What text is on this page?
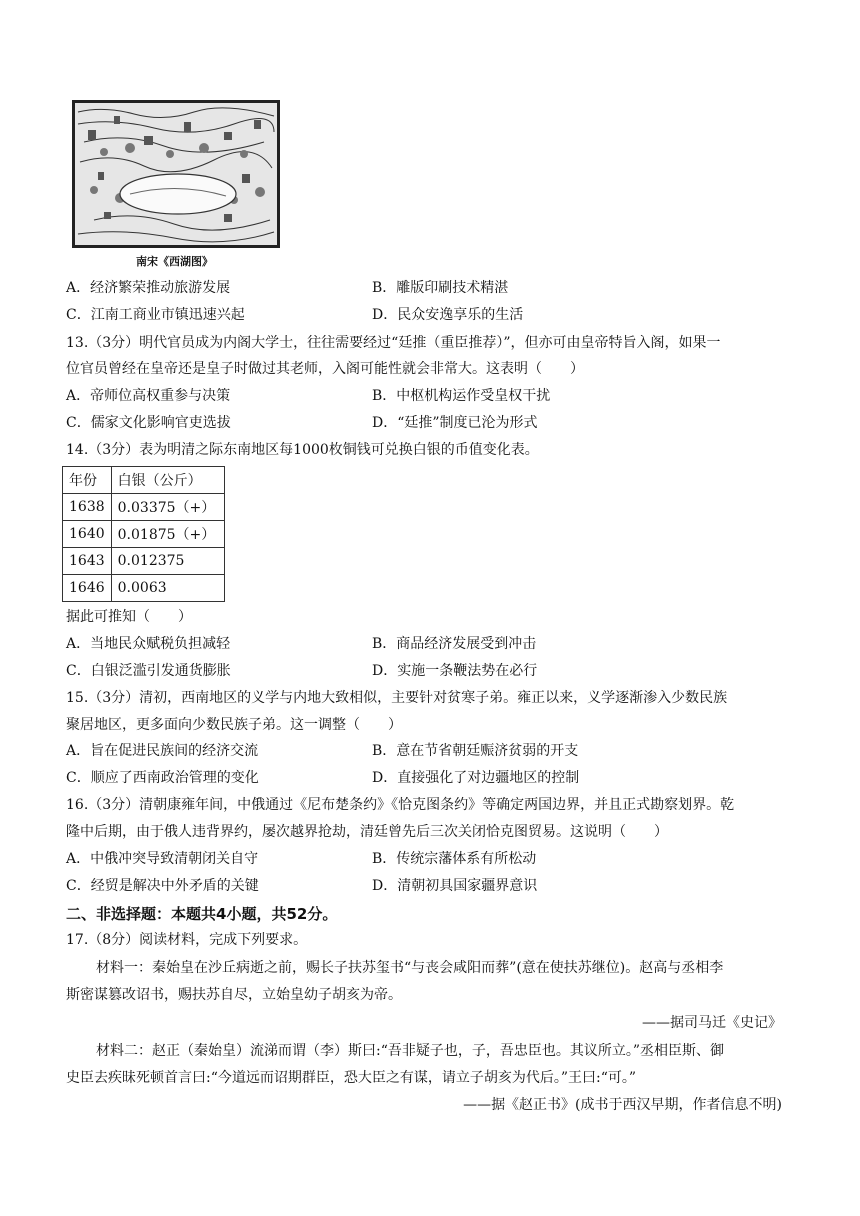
南宋《西湖图》
A．经济繁荣推动旅游发展	B．雕版印刷技术精湛
C．江南工商业市镇迅速兴起	D．民众安逸享乐的生活
13.（3分）明代官员成为内阁大学士，往往需要经过“廷推（重臣推荐）”，但亦可由皇帝特旨入阁，如果一
位官员曾经在皇帝还是皇子时做过其老师，入阁可能性就会非常大。这表明（　　）
A．帝师位高权重参与决策	B．中枢机构运作受皇权干扰
C．儒家文化影响官吏选拔	D．“廷推”制度已沦为形式
14.（3分）表为明清之际东南地区每1000枚铜钱可兑换白银的币值变化表。
年份	白银（公斤）
1638	0.03375（+）
1640	0.01875（+）
1643	0.012375
1646	0.0063
据此可推知（　　）
A．当地民众赋税负担减轻	B．商品经济发展受到冲击
C．白银泛滥引发通货膨胀	D．实施一条鞭法势在必行
15.（3分）清初，西南地区的义学与内地大致相似，主要针对贫寒子弟。雍正以来，义学逐渐渗入少数民族
聚居地区，更多面向少数民族子弟。这一调整（　　）
A．旨在促进民族间的经济交流	B．意在节省朝廷赈济贫弱的开支
C．顺应了西南政治管理的变化	D．直接强化了对边疆地区的控制
16.（3分）清朝康雍年间，中俄通过《尼布楚条约》《恰克图条约》等确定两国边界，并且正式勘察划界。乾
隆中后期，由于俄人违背界约，屡次越界抢劫，清廷曾先后三次关闭恰克图贸易。这说明（　　）
A．中俄冲突导致清朝闭关自守	B．传统宗藩体系有所松动
C．经贸是解决中外矛盾的关键	D．清朝初具国家疆界意识
二、非选择题：本题共4小题，共52分。
17.（8分）阅读材料，完成下列要求。
材料一：秦始皇在沙丘病逝之前，赐长子扶苏玺书“与丧会咸阳而葬”(意在使扶苏继位)。赵高与丞相李
斯密谋篡改诏书，赐扶苏自尽，立始皇幼子胡亥为帝。
——据司马迁《史记》
材料二：赵正（秦始皇）流涕而谓（李）斯曰:“吾非疑子也，子，吾忠臣也。其议所立。”丞相臣斯、御
史臣去疾昧死顿首言曰:“今道远而诏期群臣，恐大臣之有谋，请立子胡亥为代后。”王曰:“可。”
——据《赵正书》(成书于西汉早期，作者信息不明)
